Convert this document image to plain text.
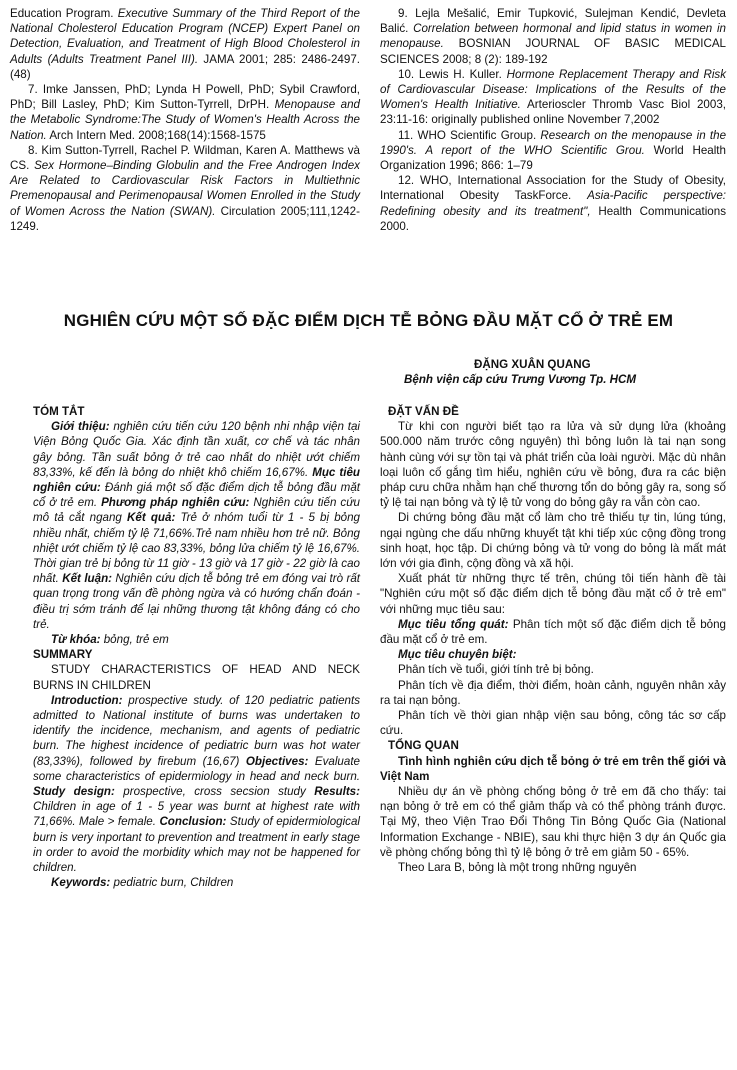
Education Program. Executive Summary of the Third Report of the National Cholesterol Education Program (NCEP) Expert Panel on Detection, Evaluation, and Treatment of High Blood Cholesterol in Adults (Adults Treatment Panel III). JAMA 2001; 285: 2486-2497.(48)

7. Imke Janssen, PhD; Lynda H Powell, PhD; Sybil Crawford, PhD; Bill Lasley, PhD; Kim Sutton-Tyrrell, DrPH. Menopause and the Metabolic Syndrome:The Study of Women's Health Across the Nation. Arch Intern Med. 2008;168(14):1568-1575

8. Kim Sutton-Tyrrell, Rachel P. Wildman, Karen A. Matthews và CS. Sex Hormone–Binding Globulin and the Free Androgen Index Are Related to Cardiovascular Risk Factors in Multiethnic Premenopausal and Perimenopausal Women Enrolled in the Study of Women Across the Nation (SWAN). Circulation 2005;111,1242-1249.

9. Lejla Mešalić, Emir Tupković, Sulejman Kendić, Devleta Balić. Correlation between hormonal and lipid status in women in menopause. BOSNIAN JOURNAL OF BASIC MEDICAL SCIENCES 2008; 8 (2): 189-192

10. Lewis H. Kuller. Hormone Replacement Therapy and Risk of Cardiovascular Disease: Implications of the Results of the Women's Health Initiative. Arterioscler Thromb Vasc Biol 2003, 23:11-16: originally published online November 7,2002

11. WHO Scientific Group. Research on the menopause in the 1990's. A report of the WHO Scientific Grou. World Health Organization 1996; 866: 1–79

12. WHO, International Association for the Study of Obesity, International Obesity TaskForce. Asia-Pacific perspective: Redefining obesity and its treatment", Health Communications 2000.

NGHIÊN CỨU MỘT SỐ ĐẶC ĐIỂM DỊCH TỄ BỎNG ĐẦU MẶT CỔ Ở TRẺ EM
ĐẶNG XUÂN QUANG
Bệnh viện cấp cứu Trưng Vương Tp. HCM

TÓM TẮT

Giới thiệu: nghiên cứu tiến cứu 120 bệnh nhi nhập viện tại Viện Bỏng Quốc Gia. Xác định tần xuất, cơ chế và tác nhân gây bỏng. Tần suất bỏng ở trẻ cao nhất do nhiệt ướt chiếm 83,33%, kế đến là bỏng do nhiệt khô chiếm 16,67%. Mục tiêu nghiên cứu: Đánh giá một số đặc điểm dịch tễ bỏng đầu mặt cổ ở trẻ em. Phương pháp nghiên cứu: Nghiên cứu tiến cứu mô tả cắt ngang Kết quả: Trẻ ở nhóm tuổi từ 1 - 5 bị bỏng nhiều nhất, chiếm tỷ lệ 71,66%.Trẻ nam nhiều hơn trẻ nữ. Bỏng nhiệt ướt chiếm tỷ lệ cao 83,33%, bỏng lửa chiếm tỷ lệ 16,67%. Thời gian trẻ bị bỏng từ 11 giờ - 13 giờ và 17 giờ - 22 giờ là cao nhất. Kết luận: Nghiên cứu dịch tễ bỏng trẻ em đóng vai trò rất quan trọng trong vấn đề phòng ngừa và có hướng chẩn đoán - điều trị sớm tránh để lại những thương tật không đáng có cho trẻ.

Từ khóa: bỏng, trẻ em

SUMMARY

STUDY CHARACTERISTICS OF HEAD AND NECK BURNS IN CHILDREN

Introduction: prospective study. of 120 pediatric patients admitted to National institute of burns was undertaken to identify the incidence, mechanism, and agents of pediatric burn. The highest incidence of pediatric burn was hot water (83,33%), followed by firebum (16,67) Objectives: Evaluate some characteristics of epidermiology in head and neck burn. Study design: prospective, cross secsion study Results: Children in age of 1 - 5 year was burnt at highest rate with 71,66%. Male > female. Conclusion: Study of epidermiological burn is very inportant to prevention and treatment in early stage in order to avoid the morbidity which may not be happened for children.

Keywords: pediatric burn, Children

ĐẶT VẤN ĐỀ

Từ khi con người biết tạo ra lửa và sử dụng lửa (khoảng 500.000 năm trước công nguyên) thì bỏng luôn là tai nạn song hành cùng với sự tồn tại và phát triển của loài người. Mặc dù nhân loại luôn cố gắng tìm hiểu, nghiên cứu về bỏng, đưa ra các biện pháp cưu chữa nhằm hạn chế thương tổn do bỏng gây ra, song số tỷ lệ tai nạn bỏng và tỷ lệ tử vong do bỏng gây ra vẫn còn cao.

Di chứng bỏng đầu mặt cổ làm cho trẻ thiếu tự tin, lúng túng, ngại ngùng che dấu những khuyết tật khi tiếp xúc cộng đồng trong sinh hoạt, học tập. Di chứng bỏng và tử vong do bỏng là mất mát lớn với gia đình, cộng đồng và xã hội.

Xuất phát từ những thực tế trên, chúng tôi tiến hành đề tài "Nghiên cứu một số đặc điểm dịch tễ bỏng đầu mặt cổ ở trẻ em" với những mục tiêu sau:

Mục tiêu tổng quát: Phân tích một số đặc điểm dịch tễ bỏng đầu mặt cổ ở trẻ em.

Mục tiêu chuyên biệt:

Phân tích về tuổi, giới tính trẻ bị bỏng.

Phân tích về địa điểm, thời điểm, hoàn cảnh, nguyên nhân xảy ra tai nạn bỏng.

Phân tích về thời gian nhập viện sau bỏng, công tác sơ cấp cứu.

TỔNG QUAN

Tình hình nghiên cứu dịch tễ bỏng ở trẻ em trên thế giới và Việt Nam

Nhiều dự án về phòng chống bỏng ở trẻ em đã cho thấy: tai nạn bỏng ở trẻ em có thể giảm thấp và có thể phòng tránh được. Tại Mỹ, theo Viện Trao Đổi Thông Tin Bỏng Quốc Gia (National Information Exchange - NBIE), sau khi thực hiện 3 dự án Quốc gia về phòng chống bỏng thì tỷ lệ bỏng ở trẻ em giảm 50 - 65%.

Theo Lara B, bỏng là một trong những nguyên
